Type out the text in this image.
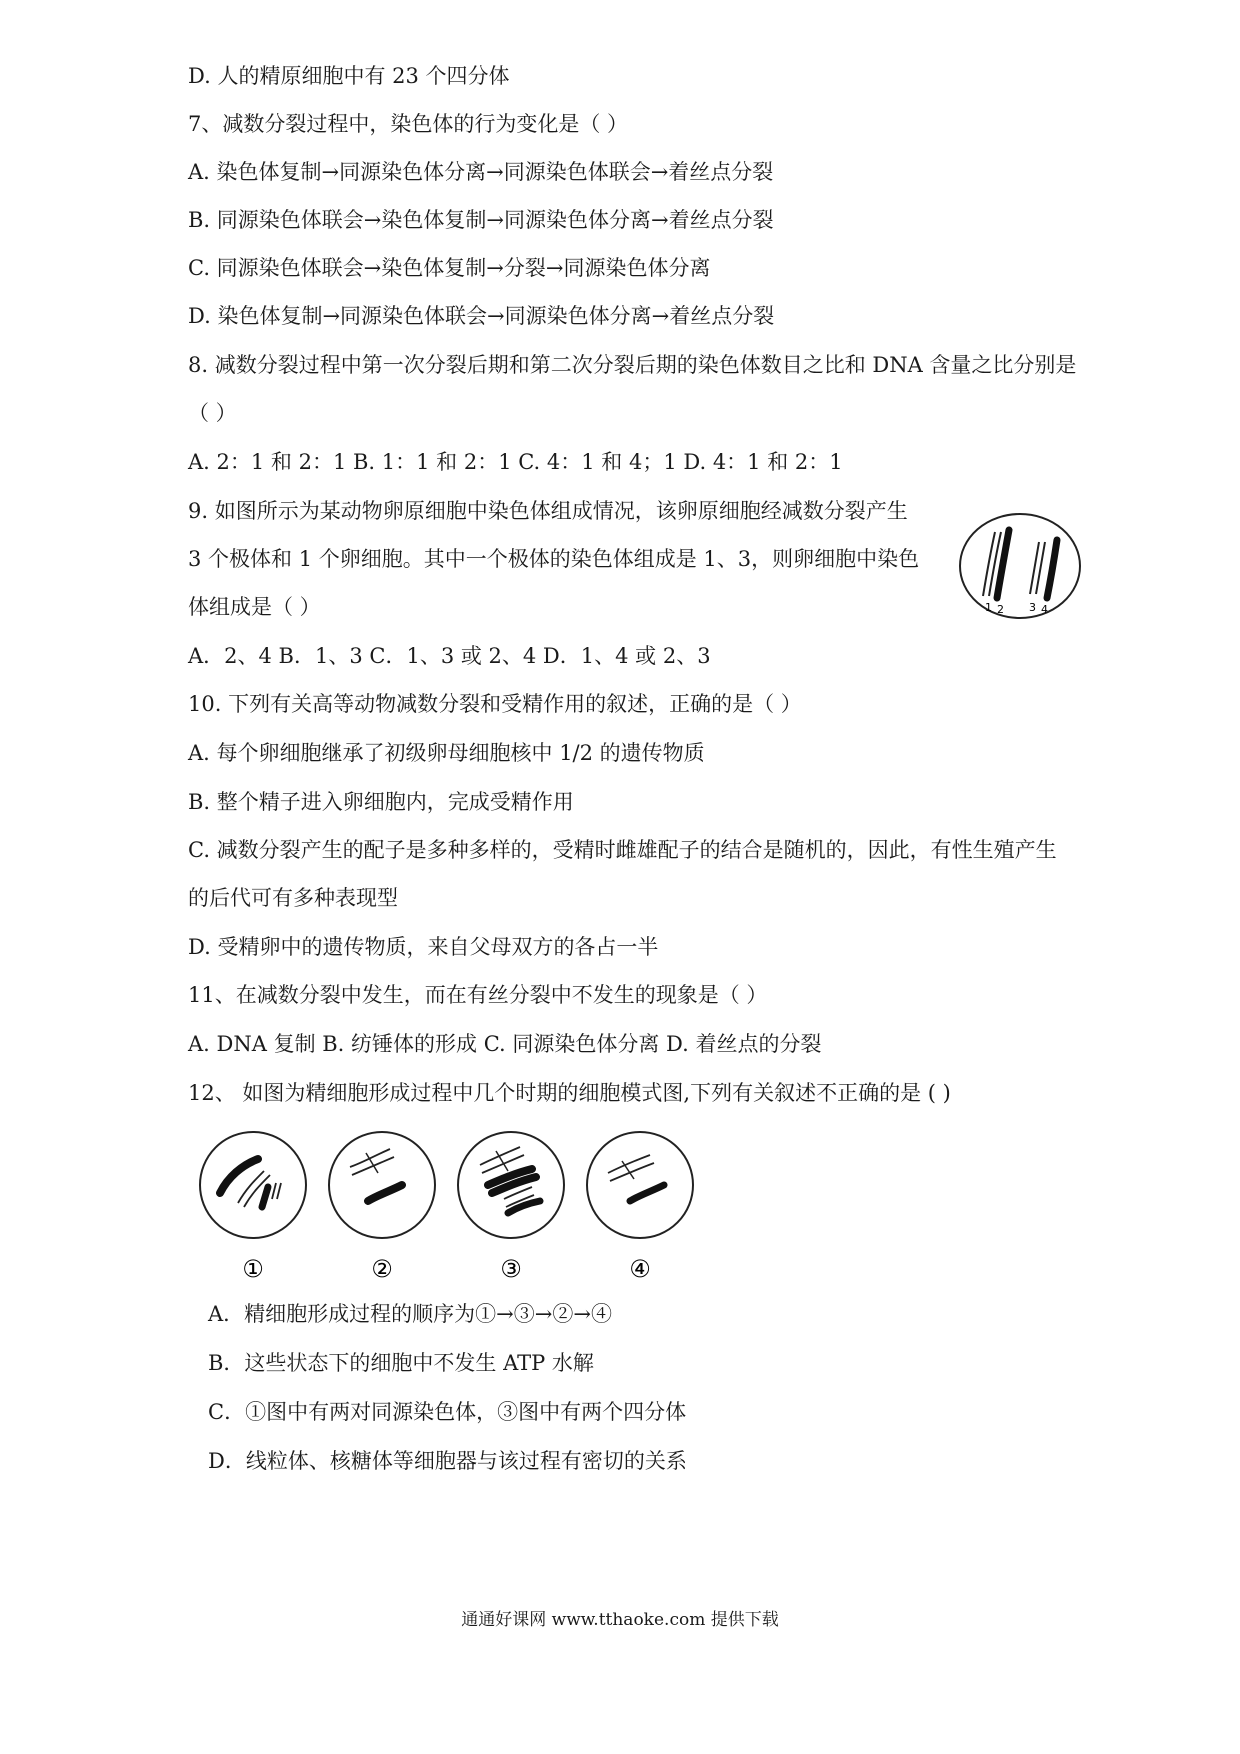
D. 人的精原细胞中有 23 个四分体
7、减数分裂过程中，染色体的行为变化是（ ）
A. 染色体复制→同源染色体分离→同源染色体联会→着丝点分裂
B. 同源染色体联会→染色体复制→同源染色体分离→着丝点分裂
C. 同源染色体联会→染色体复制→分裂→同源染色体分离
D. 染色体复制→同源染色体联会→同源染色体分离→着丝点分裂
8. 减数分裂过程中第一次分裂后期和第二次分裂后期的染色体数目之比和 DNA 含量之比分别是
（ ）
A. 2：1 和 2：1 B. 1：1 和 2：1 C. 4：1 和 4；1 D. 4：1 和 2：1
9. 如图所示为某动物卵原细胞中染色体组成情况，该卵原细胞经减数分裂产生
3 个极体和 1 个卵细胞。其中一个极体的染色体组成是 1、3，则卵细胞中染色
体组成是（ ）
A．2、4 B．1、3 C．1、3 或 2、4 D．1、4 或 2、3
10. 下列有关高等动物减数分裂和受精作用的叙述，正确的是（ ）
A. 每个卵细胞继承了初级卵母细胞核中 1/2 的遗传物质
B. 整个精子进入卵细胞内，完成受精作用
C. 减数分裂产生的配子是多种多样的，受精时雌雄配子的结合是随机的，因此，有性生殖产生
的后代可有多种表现型
D. 受精卵中的遗传物质，来自父母双方的各占一半
11、在减数分裂中发生，而在有丝分裂中不发生的现象是（ ）
A. DNA 复制 B. 纺锤体的形成 C. 同源染色体分离 D. 着丝点的分裂
12、 如图为精细胞形成过程中几个时期的细胞模式图,下列有关叙述不正确的是 ( )
1 2 3 4
①	②	③	④
A．精细胞形成过程的顺序为①→③→②→④
B．这些状态下的细胞中不发生 ATP 水解
C．①图中有两对同源染色体，③图中有两个四分体
D．线粒体、核糖体等细胞器与该过程有密切的关系
通通好课网 www.tthaoke.com 提供下载
